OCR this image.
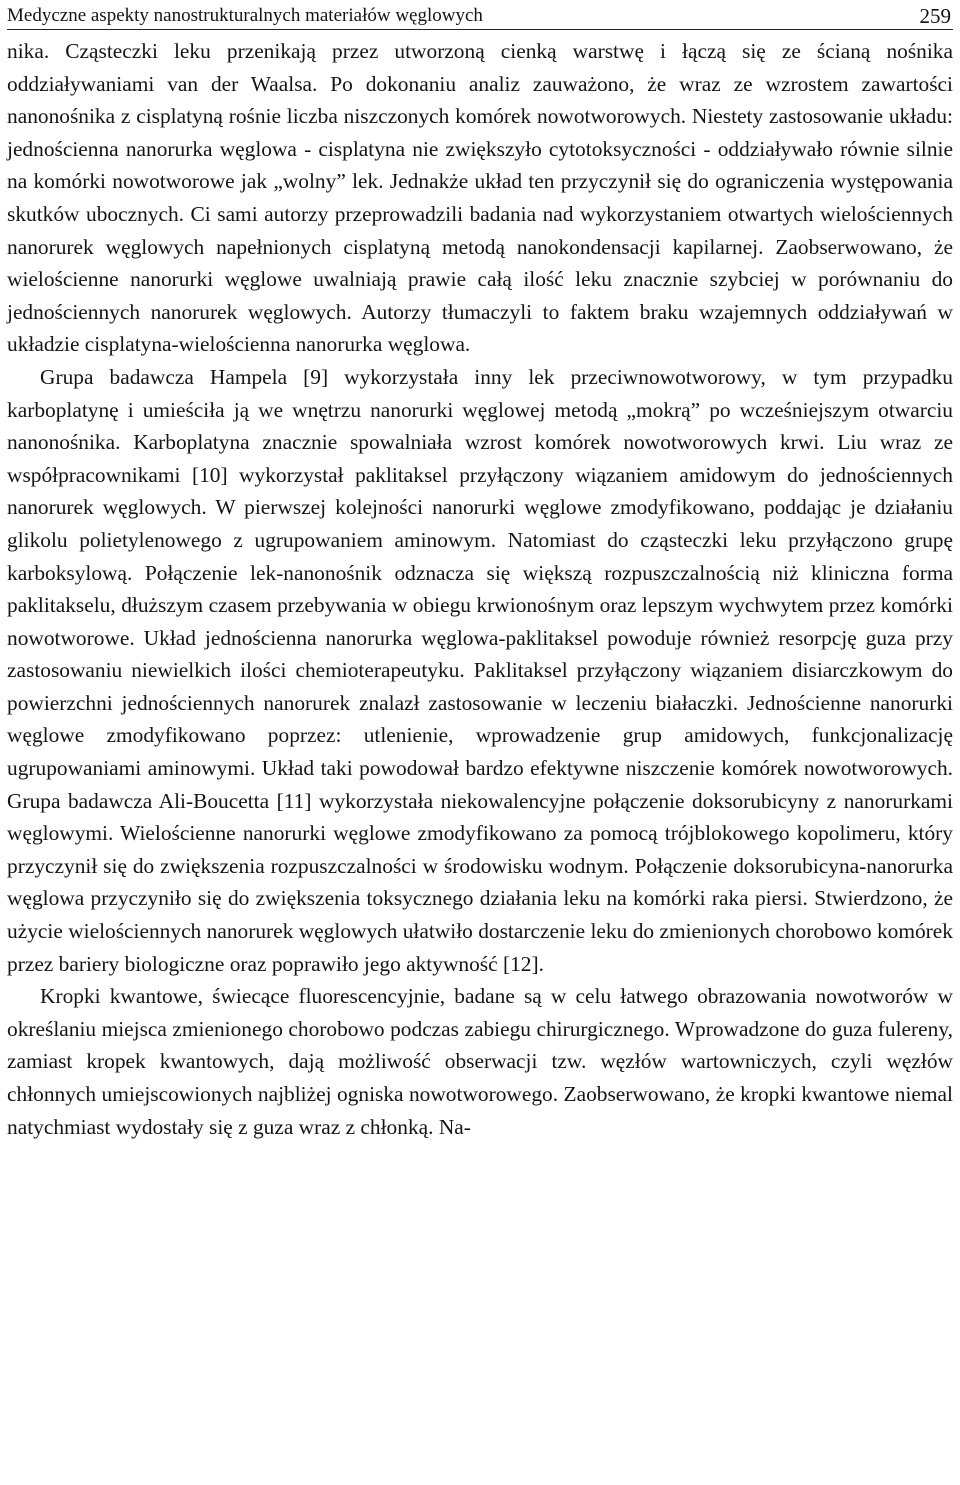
Medyczne aspekty nanostrukturalnych materiałów węglowych	259

nika. Cząsteczki leku przenikają przez utworzoną cienką warstwę i łączą się ze ścianą nośnika oddziaływaniami van der Waalsa. Po dokonaniu analiz zauważono, że wraz ze wzrostem zawartości nanonośnika z cisplatyną rośnie liczba niszczonych komórek nowotworowych. Niestety zastosowanie układu: jednościenna nanorurka węglowa - cisplatyna nie zwiększyło cytotoksyczności - oddziaływało równie silnie na komórki nowotworowe jak „wolny” lek. Jednakże układ ten przyczynił się do ograniczenia występowania skutków ubocznych. Ci sami autorzy przeprowadzili badania nad wykorzystaniem otwartych wielościennych nanorurek węglowych napełnionych cisplatyną metodą nanokondensacji kapilarnej. Zaobserwowano, że wielościenne nanorurki węglowe uwalniają prawie całą ilość leku znacznie szybciej w porównaniu do jednościennych nanorurek węglowych. Autorzy tłumaczyli to faktem braku wzajemnych oddziaływań w układzie cisplatyna-wielościenna nanorurka węglowa.

Grupa badawcza Hampela [9] wykorzystała inny lek przeciwnowotworowy, w tym przypadku karboplatynę i umieściła ją we wnętrzu nanorurki węglowej metodą „mokrą” po wcześniejszym otwarciu nanonośnika. Karboplatyna znacznie spowalniała wzrost komórek nowotworowych krwi. Liu wraz ze współpracownikami [10] wykorzystał paklitaksel przyłączony wiązaniem amidowym do jednościennych nanorurek węglowych. W pierwszej kolejności nanorurki węglowe zmodyfikowano, poddając je działaniu glikolu polietylenowego z ugrupowaniem aminowym. Natomiast do cząsteczki leku przyłączono grupę karboksylową. Połączenie lek-nanonośnik odznacza się większą rozpuszczalnością niż kliniczna forma paklitakselu, dłuższym czasem przebywania w obiegu krwionośnym oraz lepszym wychwytem przez komórki nowotworowe. Układ jednościenna nanorurka węglowa-paklitaksel powoduje również resorpcję guza przy zastosowaniu niewielkich ilości chemioterapeutyku. Paklitaksel przyłączony wiązaniem disiarczkowym do powierzchni jednościennych nanorurek znalazł zastosowanie w leczeniu białaczki. Jednościenne nanorurki węglowe zmodyfikowano poprzez: utlenienie, wprowadzenie grup amidowych, funkcjonalizację ugrupowaniami aminowymi. Układ taki powodował bardzo efektywne niszczenie komórek nowotworowych. Grupa badawcza Ali-Boucetta [11] wykorzystała niekowalencyjne połączenie doksorubicyny z nanorurkami węglowymi. Wielościenne nanorurki węglowe zmodyfikowano za pomocą trójblokowego kopolimeru, który przyczynił się do zwiększenia rozpuszczalności w środowisku wodnym. Połączenie doksorubicyna-nanorurka węglowa przyczyniło się do zwiększenia toksycznego działania leku na komórki raka piersi. Stwierdzono, że użycie wielościennych nanorurek węglowych ułatwiło dostarczenie leku do zmienionych chorobowo komórek przez bariery biologiczne oraz poprawiło jego aktywność [12].

Kropki kwantowe, świecące fluorescencyjnie, badane są w celu łatwego obrazowania nowotworów w określaniu miejsca zmienionego chorobowo podczas zabiegu chirurgicznego. Wprowadzone do guza fulereny, zamiast kropek kwantowych, dają możliwość obserwacji tzw. węzłów wartowniczych, czyli węzłów chłonnych umiejscowionych najbliżej ogniska nowotworowego. Zaobserwowano, że kropki kwantowe niemal natychmiast wydostały się z guza wraz z chłonką. Na-
